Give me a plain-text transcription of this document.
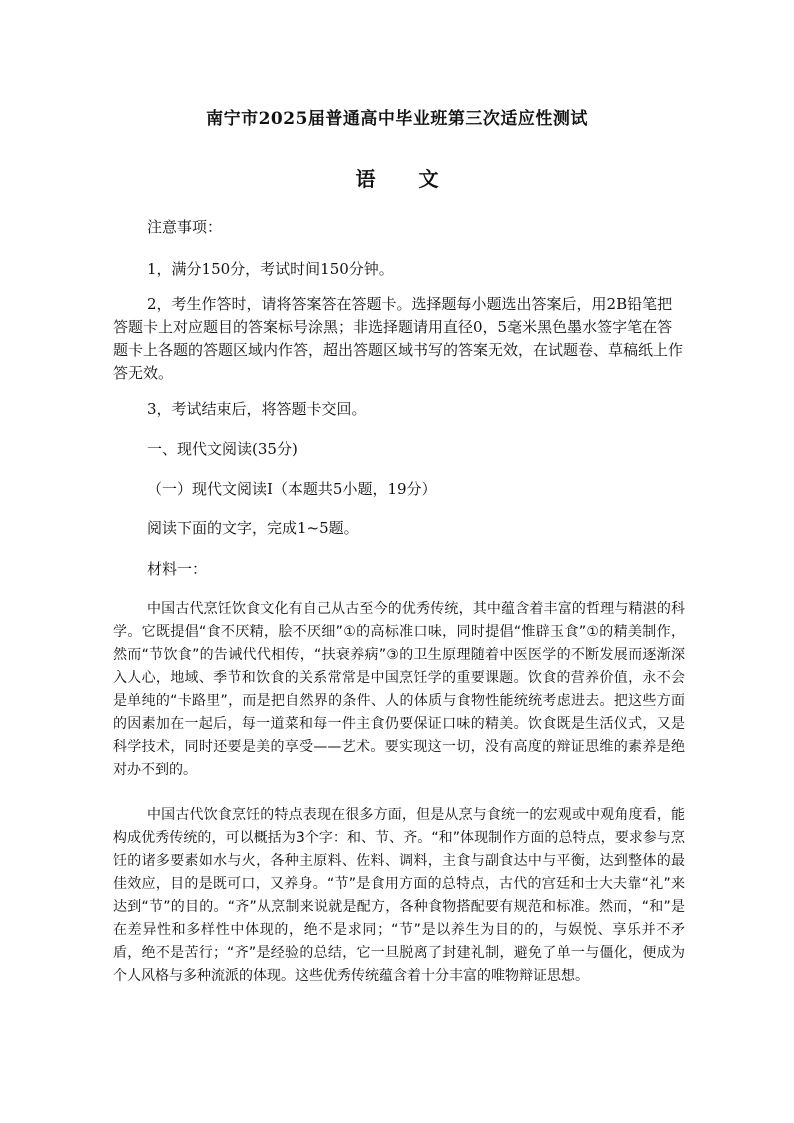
南宁市2025届普通高中毕业班第三次适应性测试
语 文

注意事项：

1，满分150分，考试时间150分钟。

2，考生作答时，请将答案答在答题卡。选择题每小题选出答案后，用2B铅笔把答题卡上对应题目的答案标号涂黑；非选择题请用直径0，5毫米黑色墨水签字笔在答题卡上各题的答题区域内作答，超出答题区域书写的答案无效，在试题卷、草稿纸上作答无效。

3，考试结束后，将答题卡交回。

一、现代文阅读(35分)

（一）现代文阅读Ⅰ（本题共5小题，19分）

阅读下面的文字，完成1~5题。

材料一：

中国古代烹饪饮食文化有自己从古至今的优秀传统，其中蕴含着丰富的哲理与精湛的科学。它既提倡“食不厌精，脍不厌细”①的高标准口味，同时提倡“惟辟玉食”①的精美制作，然而“节饮食”的告诫代代相传，“扶衰养病”③的卫生原理随着中医医学的不断发展而逐渐深入人心，地域、季节和饮食的关系常常是中国烹饪学的重要课题。饮食的营养价值，永不会是单纯的“卡路里”，而是把自然界的条件、人的体质与食物性能统统考虑进去。把这些方面的因素加在一起后，每一道菜和每一件主食仍要保证口味的精美。饮食既是生活仪式，又是科学技术，同时还要是美的享受——艺术。要实现这一切，没有高度的辩证思维的素养是绝对办不到的。

中国古代饮食烹饪的特点表现在很多方面，但是从烹与食统一的宏观或中观角度看，能构成优秀传统的，可以概括为3个字：和、节、齐。“和”体现制作方面的总特点，要求参与烹饪的诸多要素如水与火，各种主原料、佐料、调料，主食与副食达中与平衡，达到整体的最佳效应，目的是既可口，又养身。“节”是食用方面的总特点，古代的宫廷和士大夫靠“礼”来达到“节”的目的。“齐”从烹制来说就是配方，各种食物搭配要有规范和标准。然而，“和”是在差异性和多样性中体现的，绝不是求同；“节”是以养生为目的的，与娱悦、享乐并不矛盾，绝不是苦行；“齐”是经验的总结，它一旦脱离了封建礼制，避免了单一与僵化，便成为个人风格与多种流派的体现。这些优秀传统蕴含着十分丰富的唯物辩证思想。
